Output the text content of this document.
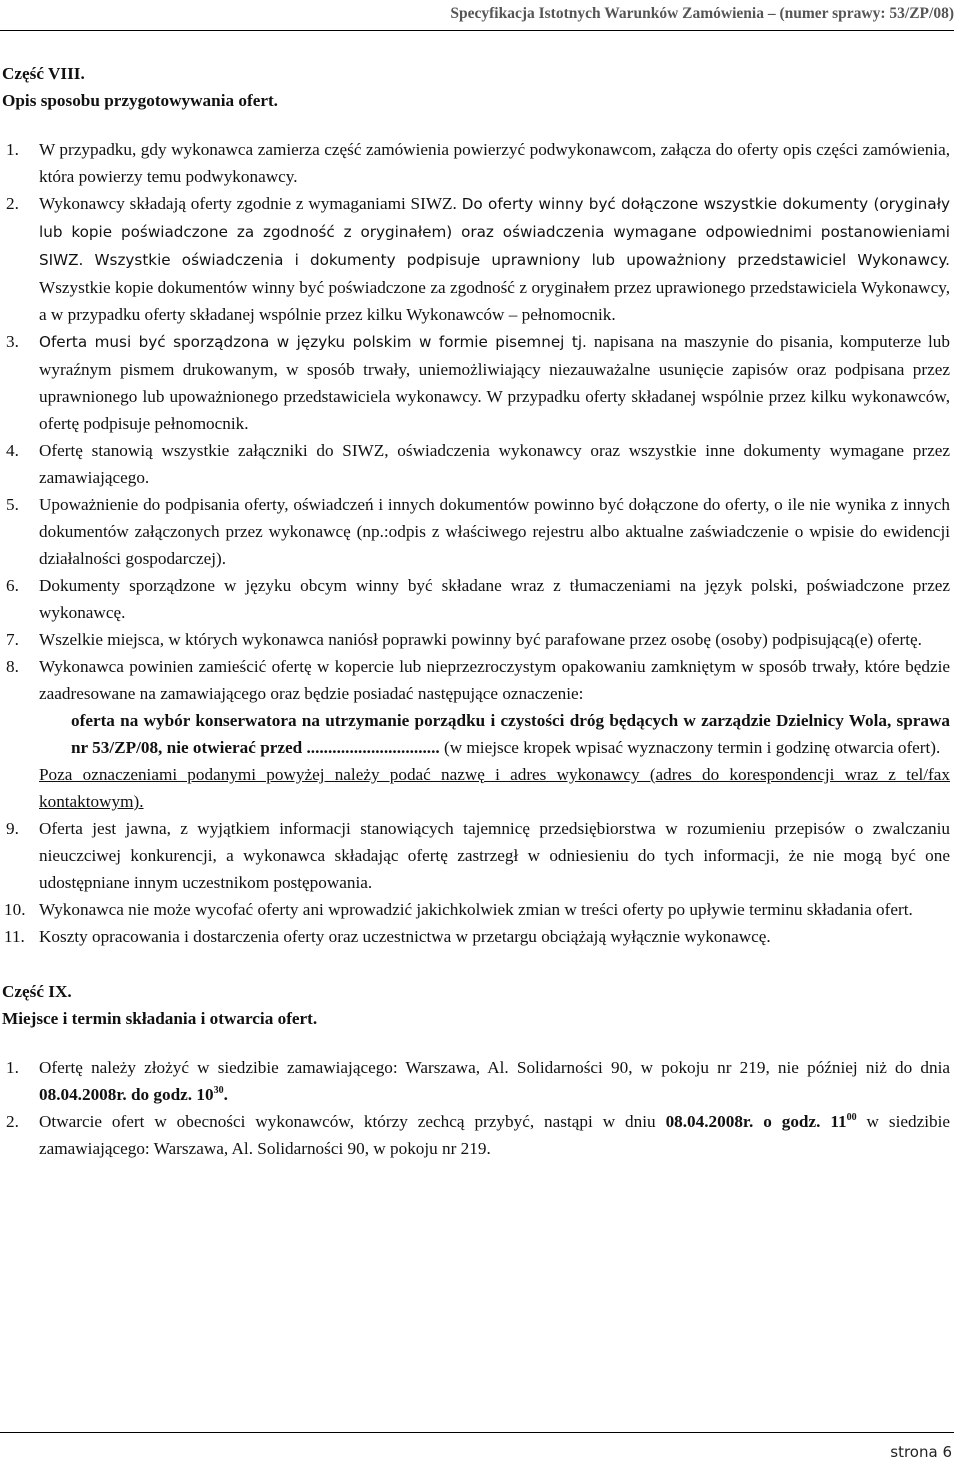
Specyfikacja Istotnych Warunków Zamówienia – (numer sprawy: 53/ZP/08)
Część VIII.
Opis sposobu przygotowywania ofert.
1. W przypadku, gdy wykonawca zamierza część zamówienia powierzyć podwykonawcom, załącza do oferty opis części zamówienia, która powierzy temu podwykonawcy.
2. Wykonawcy składają oferty zgodnie z wymaganiami SIWZ. Do oferty winny być dołączone wszystkie dokumenty (oryginały lub kopie poświadczone za zgodność z oryginałem) oraz oświadczenia wymagane odpowiednimi postanowieniami SIWZ. Wszystkie oświadczenia i dokumenty podpisuje uprawniony lub upoważniony przedstawiciel Wykonawcy. Wszystkie kopie dokumentów winny być poświadczone za zgodność z oryginałem przez uprawionego przedstawiciela Wykonawcy, a w przypadku oferty składanej wspólnie przez kilku Wykonawców – pełnomocnik.
3. Oferta musi być sporządzona w języku polskim w formie pisemnej tj. napisana na maszynie do pisania, komputerze lub wyraźnym pismem drukowanym, w sposób trwały, uniemożliwiający niezauważalne usunięcie zapisów oraz podpisana przez uprawnionego lub upoważnionego przedstawiciela wykonawcy. W przypadku oferty składanej wspólnie przez kilku wykonawców, ofertę podpisuje pełnomocnik.
4. Ofertę stanowią wszystkie załączniki do SIWZ, oświadczenia wykonawcy oraz wszystkie inne dokumenty wymagane przez zamawiającego.
5. Upoważnienie do podpisania oferty, oświadczeń i innych dokumentów powinno być dołączone do oferty, o ile nie wynika z innych dokumentów załączonych przez wykonawcę (np.:odpis z właściwego rejestru albo aktualne zaświadczenie o wpisie do ewidencji działalności gospodarczej).
6. Dokumenty sporządzone w języku obcym winny być składane wraz z tłumaczeniami na język polski, poświadczone przez wykonawcę.
7. Wszelkie miejsca, w których wykonawca naniósł poprawki powinny być parafowane przez osobę (osoby) podpisującą(e) ofertę.
8. Wykonawca powinien zamieścić ofertę w kopercie lub nieprzezroczystym opakowaniu zamkniętym w sposób trwały, które będzie zaadresowane na zamawiającego oraz będzie posiadać następujące oznaczenie:
oferta na wybór konserwatora na utrzymanie porządku i czystości dróg będących w zarządzie Dzielnicy Wola, sprawa nr 53/ZP/08, nie otwierać przed ............................... (w miejsce kropek wpisać wyznaczony termin i godzinę otwarcia ofert).
Poza oznaczeniami podanymi powyżej należy podać nazwę i adres wykonawcy (adres do korespondencji wraz z tel/fax kontaktowym).
9. Oferta jest jawna, z wyjątkiem informacji stanowiących tajemnicę przedsiębiorstwa w rozumieniu przepisów o zwalczaniu nieuczciwej konkurencji, a wykonawca składając ofertę zastrzegł w odniesieniu do tych informacji, że nie mogą być one udostępniane innym uczestnikom postępowania.
10. Wykonawca nie może wycofać oferty ani wprowadzić jakichkolwiek zmian w treści oferty po upływie terminu składania ofert.
11. Koszty opracowania i dostarczenia oferty oraz uczestnictwa w przetargu obciążają wyłącznie wykonawcę.
Część IX.
Miejsce i termin składania i otwarcia ofert.
1. Ofertę należy złożyć w siedzibie zamawiającego: Warszawa, Al. Solidarności 90, w pokoju nr 219, nie później niż do dnia 08.04.2008r. do godz. $10^{30}$.
2. Otwarcie ofert w obecności wykonawców, którzy zechcą przybyć, nastąpi w dniu 08.04.2008r. o godz. $11^{00}$ w siedzibie zamawiającego: Warszawa, Al. Solidarności 90, w pokoju nr 219.
strona 6
